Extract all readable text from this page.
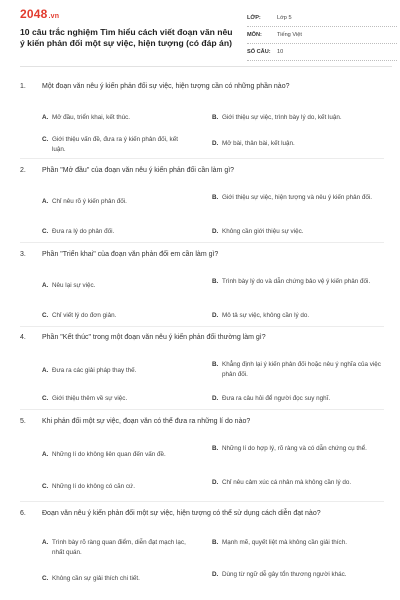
2048.vn
10 câu trắc nghiệm Tìm hiểu cách viết đoạn văn nêu ý kiến phản đối một sự việc, hiện tượng (có đáp án)
LỚP:	Lớp 5
MÔN:	Tiếng Việt
SỐ CÂU:	10
1.	Một đoạn văn nêu ý kiến phản đối sự việc, hiện tượng cần có những phần nào?
A. Mở đầu, triển khai, kết thúc.	B. Giới thiệu sự việc, trình bày lý do, kết luận.
C. Giới thiệu vấn đề, đưa ra ý kiến phản đối, kết luận.
D. Mở bài, thân bài, kết luận.
2.	Phần "Mở đầu" của đoạn văn nêu ý kiến phản đối cần làm gì?
A. Chỉ nêu rõ ý kiến phản đối.
B. Giới thiệu sự việc, hiện tượng và nêu ý kiến phản đối.
C. Đưa ra lý do phản đối.	D. Không cần giới thiệu sự việc.
3.	Phần "Triển khai" của đoạn văn phản đối em cần làm gì?
A. Nêu lại sự việc.
B. Trình bày lý do và dẫn chứng bảo vệ ý kiến phản đối.
C. Chỉ viết lý do đơn giản.	D. Mô tả sự việc, không cần lý do.
4.	Phần "Kết thúc" trong một đoạn văn nêu ý kiến phản đối thường làm gì?
A. Đưa ra các giải pháp thay thế.
B. Khẳng định lại ý kiến phản đối hoặc nêu ý nghĩa của việc phản đối.
C. Giới thiệu thêm về sự việc.	D. Đưa ra câu hỏi để người đọc suy nghĩ.
5.	Khi phản đối một sự việc, đoạn văn có thể đưa ra những lí do nào?
A. Những lí do không liên quan đến vấn đề.
B. Những lí do hợp lý, rõ ràng và có dẫn chứng cụ thể.
C. Những lí do không có căn cứ.
D. Chỉ nêu cảm xúc cá nhân mà không cần lý do.
6.	Đoạn văn nêu ý kiến phản đối một sự việc, hiện tượng có thể sử dụng cách diễn đạt nào?
A. Trình bày rõ ràng quan điểm, diễn đạt mạch lạc, nhất quán.
B. Mạnh mẽ, quyết liệt mà không cần giải thích.
C. Không cần sự giải thích chi tiết.
D. Dùng từ ngữ dễ gây tổn thương người khác.
